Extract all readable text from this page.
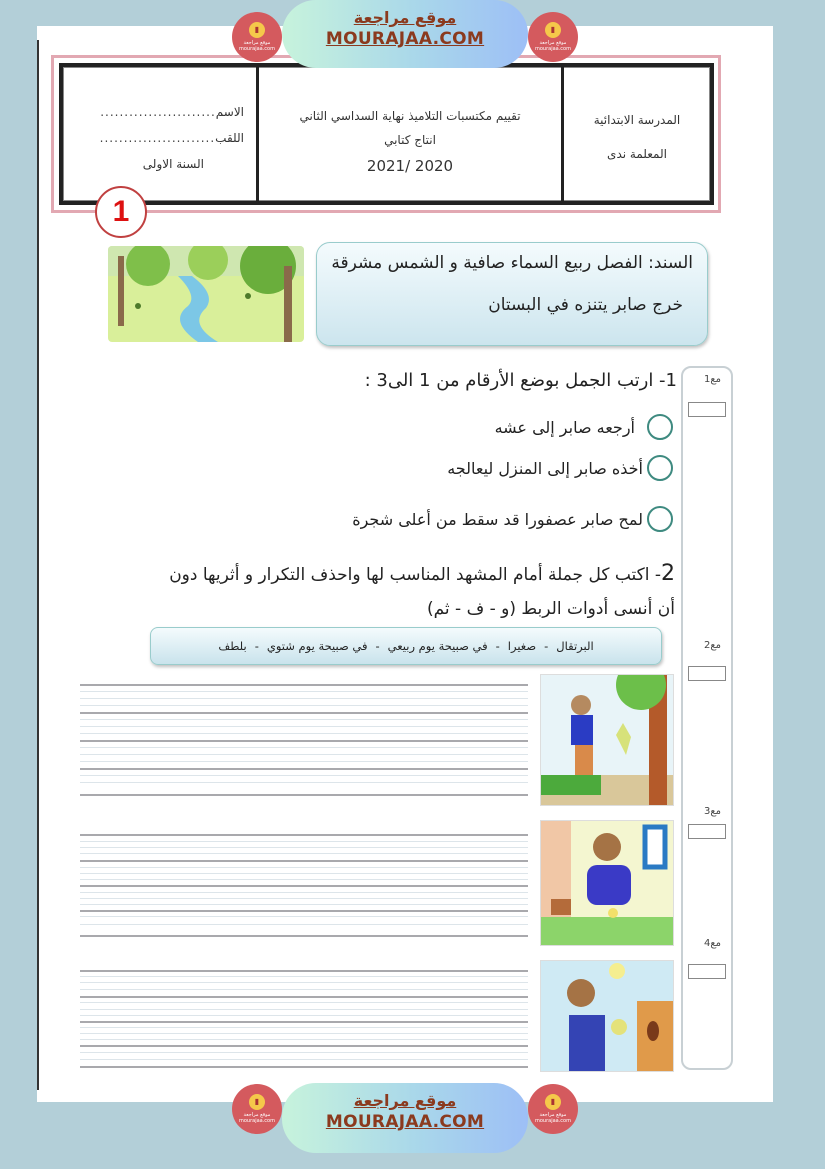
الاسم
........................
اللقب
........................
السنة الاولى
تقييم مكتسبات التلاميذ نهاية السداسي الثاني
انتاج كتابي
2021/ 2020
المدرسة الابتدائية
المعلمة ندى
1
السند: الفصل ربيع السماء صافية و الشمس مشرقة
خرج صابر يتنزه في البستان
مع1
مع2
مع3
مع4
1- ارتب الجمل بوضع الأرقام من 1 الى3 :
أرجعه صابر إلى عشه
أخذه صابر إلى المنزل ليعالجه
لمح صابر عصفورا قد سقط من أعلى شجرة
2- اكتب كل جملة أمام المشهد المناسب لها واحذف التكرار و أثريها دون
أن أنسى أدوات الربط (و - ف - ثم)
البرتقال
-
صغيرا
-
في صبيحة يوم ربيعي
-
في صبيحة يوم شتوي
-
بلطف
▮
موقع مراجعة mourajaa.com
موقع مراجعة
MOURAJAA.COM	▮
موقع مراجعة mourajaa.com
▮
موقع مراجعة mourajaa.com
موقع مراجعة
MOURAJAA.COM
▮
موقع مراجعة mourajaa.com
